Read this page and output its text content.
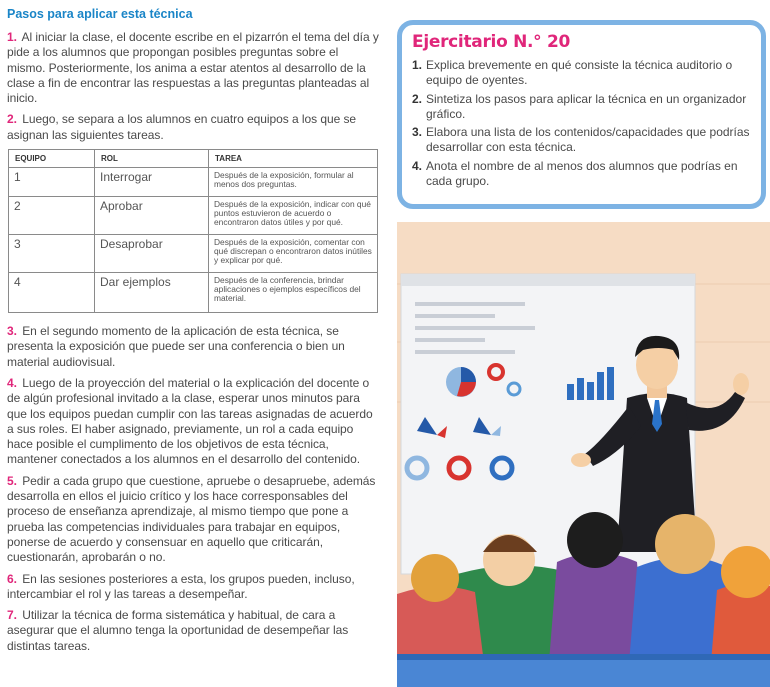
Pasos para aplicar esta técnica

1. Al iniciar la clase, el docente escribe en el pizarrón el tema del día y pide a los alumnos que propongan posibles preguntas sobre el mismo. Posteriormente, los anima a estar atentos al desarrollo de la clase a fin de encontrar las respuestas a las preguntas planteadas al inicio.

2. Luego, se separa a los alumnos en cuatro equipos a los que se asignan las siguientes tareas.

EQUIPO	ROL	TAREA
1	Interrogar	Después de la exposición, formular al menos dos preguntas.
2	Aprobar	Después de la exposición, indicar con qué puntos estuvieron de acuerdo o encontraron datos útiles y por qué.
3	Desaprobar	Después de la exposición, comentar con qué discrepan o encontraron datos inútiles y explicar por qué.
4	Dar ejemplos	Después de la conferencia, brindar aplicaciones o ejemplos específicos del material.

3. En el segundo momento de la aplicación de esta técnica, se presenta la exposición que puede ser una conferencia o bien un material audiovisual.

4. Luego de la proyección del material o la explicación del docente o de algún profesional invitado a la clase, esperar unos minutos para que los equipos puedan cumplir con las tareas asignadas de acuerdo a sus roles. El haber asignado, previamente, un rol a cada equipo hace posible el cumplimento de los objetivos de esta técnica, mantener conectados a los alumnos en el desarrollo del contenido.

5. Pedir a cada grupo que cuestione, apruebe o desapruebe, además desarrolla en ellos el juicio crítico y los hace corresponsables del proceso de enseñanza aprendizaje, al mismo tiempo que pone a prueba las competencias individuales para trabajar en equipos, ponerse de acuerdo y consensuar en aquello que criticarán, cuestionarán, aprobarán o no.

6. En las sesiones posteriores a esta, los grupos pueden, incluso, intercambiar el rol y las tareas a desempeñar.

7. Utilizar la técnica de forma sistemática y habitual, de cara a asegurar que el alumno tenga la oportunidad de desempeñar las distintas tareas.

Ejercitario N.° 20
1. Explica brevemente en qué consiste la técnica auditorio o equipo de oyentes.
2. Sintetiza los pasos para aplicar la técnica en un organizador gráfico.
3. Elabora una lista de los contenidos/capacidades que podrías desarrollar con esta técnica.
4. Anota el nombre de al menos dos alumnos que podrías en cada grupo.
